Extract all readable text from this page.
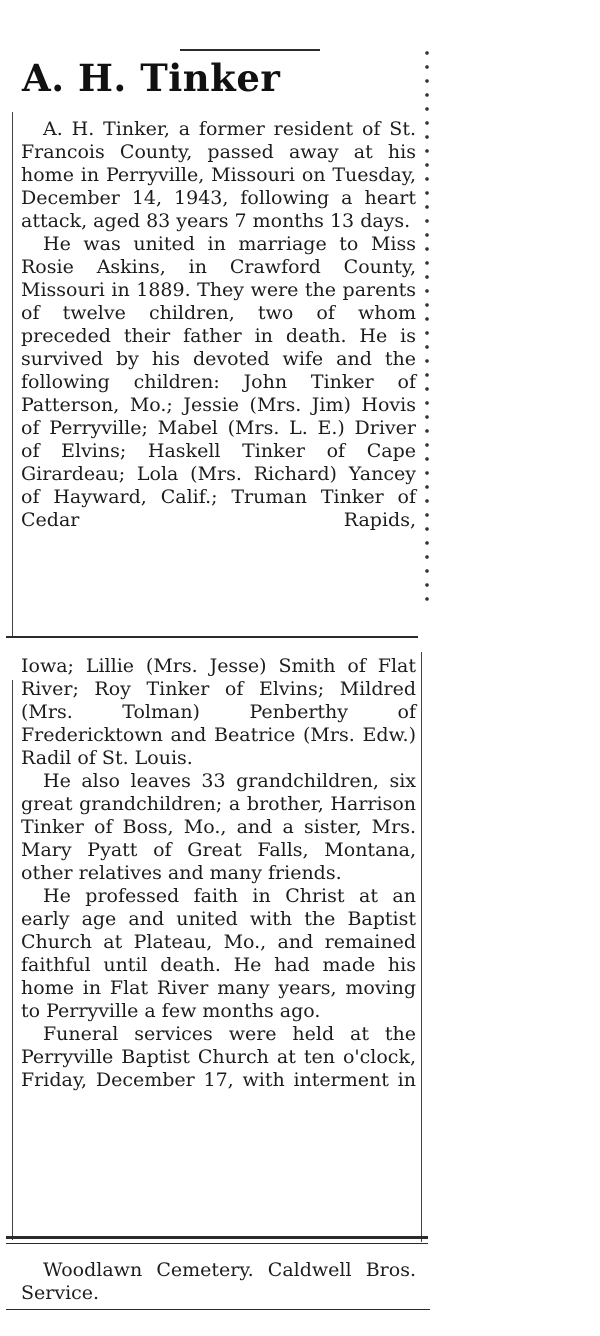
A. H. Tinker

A. H. Tinker, a former resident of St. Francois County, passed away at his home in Perryville, Missouri on Tuesday, December 14, 1943, following a heart attack, aged 83 years 7 months 13 days.

He was united in marriage to Miss Rosie Askins, in Crawford County, Missouri in 1889. They were the parents of twelve children, two of whom preceded their father in death. He is survived by his devoted wife and the following children: John Tinker of Patterson, Mo.; Jessie (Mrs. Jim) Hovis of Perryville; Mabel (Mrs. L. E.) Driver of Elvins; Haskell Tinker of Cape Girardeau; Lola (Mrs. Richard) Yancey of Hayward, Calif.; Truman Tinker of Cedar Rapids,

Iowa; Lillie (Mrs. Jesse) Smith of Flat River; Roy Tinker of Elvins; Mildred (Mrs. Tolman) Penberthy of Fredericktown and Beatrice (Mrs. Edw.) Radil of St. Louis.

He also leaves 33 grandchildren, six great grandchildren; a brother, Harrison Tinker of Boss, Mo., and a sister, Mrs. Mary Pyatt of Great Falls, Montana, other relatives and many friends.

He professed faith in Christ at an early age and united with the Baptist Church at Plateau, Mo., and remained faithful until death. He had made his home in Flat River many years, moving to Perryville a few months ago.

Funeral services were held at the Perryville Baptist Church at ten o'clock, Friday, December 17, with interment in

Woodlawn Cemetery. Caldwell Bros. Service.
